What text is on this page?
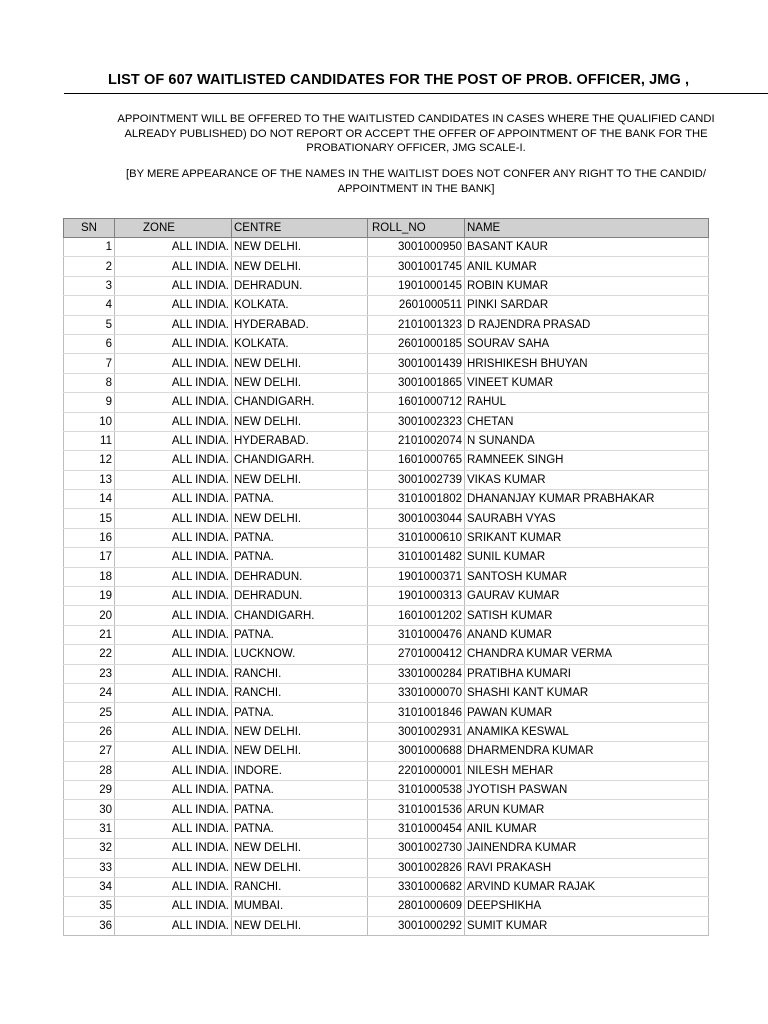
LIST OF 607 WAITLISTED CANDIDATES FOR THE POST OF PROB. OFFICER, JMG ,
APPOINTMENT WILL BE OFFERED TO THE WAITLISTED CANDIDATES IN CASES WHERE THE QUALIFIED CANDI
ALREADY PUBLISHED) DO NOT REPORT OR ACCEPT THE OFFER OF APPOINTMENT OF THE BANK FOR THE
PROBATIONARY OFFICER, JMG SCALE-I.
[BY MERE APPEARANCE OF THE NAMES IN THE WAITLIST DOES NOT CONFER ANY RIGHT TO THE CANDID/
APPOINTMENT IN THE BANK]
SN	ZONE	CENTRE	ROLL_NO	NAME
1	ALL INDIA.	NEW DELHI.	3001000950	BASANT KAUR
2	ALL INDIA.	NEW DELHI.	3001001745	ANIL KUMAR
3	ALL INDIA.	DEHRADUN.	1901000145	ROBIN KUMAR
4	ALL INDIA.	KOLKATA.	2601000511	PINKI SARDAR
5	ALL INDIA.	HYDERABAD.	2101001323	D RAJENDRA PRASAD
6	ALL INDIA.	KOLKATA.	2601000185	SOURAV SAHA
7	ALL INDIA.	NEW DELHI.	3001001439	HRISHIKESH BHUYAN
8	ALL INDIA.	NEW DELHI.	3001001865	VINEET KUMAR
9	ALL INDIA.	CHANDIGARH.	1601000712	RAHUL
10	ALL INDIA.	NEW DELHI.	3001002323	CHETAN
11	ALL INDIA.	HYDERABAD.	2101002074	N SUNANDA
12	ALL INDIA.	CHANDIGARH.	1601000765	RAMNEEK SINGH
13	ALL INDIA.	NEW DELHI.	3001002739	VIKAS KUMAR
14	ALL INDIA.	PATNA.	3101001802	DHANANJAY KUMAR PRABHAKAR
15	ALL INDIA.	NEW DELHI.	3001003044	SAURABH VYAS
16	ALL INDIA.	PATNA.	3101000610	SRIKANT KUMAR
17	ALL INDIA.	PATNA.	3101001482	SUNIL KUMAR
18	ALL INDIA.	DEHRADUN.	1901000371	SANTOSH KUMAR
19	ALL INDIA.	DEHRADUN.	1901000313	GAURAV KUMAR
20	ALL INDIA.	CHANDIGARH.	1601001202	SATISH KUMAR
21	ALL INDIA.	PATNA.	3101000476	ANAND KUMAR
22	ALL INDIA.	LUCKNOW.	2701000412	CHANDRA KUMAR VERMA
23	ALL INDIA.	RANCHI.	3301000284	PRATIBHA KUMARI
24	ALL INDIA.	RANCHI.	3301000070	SHASHI KANT KUMAR
25	ALL INDIA.	PATNA.	3101001846	PAWAN KUMAR
26	ALL INDIA.	NEW DELHI.	3001002931	ANAMIKA KESWAL
27	ALL INDIA.	NEW DELHI.	3001000688	DHARMENDRA KUMAR
28	ALL INDIA.	INDORE.	2201000001	NILESH MEHAR
29	ALL INDIA.	PATNA.	3101000538	JYOTISH PASWAN
30	ALL INDIA.	PATNA.	3101001536	ARUN KUMAR
31	ALL INDIA.	PATNA.	3101000454	ANIL KUMAR
32	ALL INDIA.	NEW DELHI.	3001002730	JAINENDRA KUMAR
33	ALL INDIA.	NEW DELHI.	3001002826	RAVI PRAKASH
34	ALL INDIA.	RANCHI.	3301000682	ARVIND KUMAR RAJAK
35	ALL INDIA.	MUMBAI.	2801000609	DEEPSHIKHA
36	ALL INDIA.	NEW DELHI.	3001000292	SUMIT KUMAR
